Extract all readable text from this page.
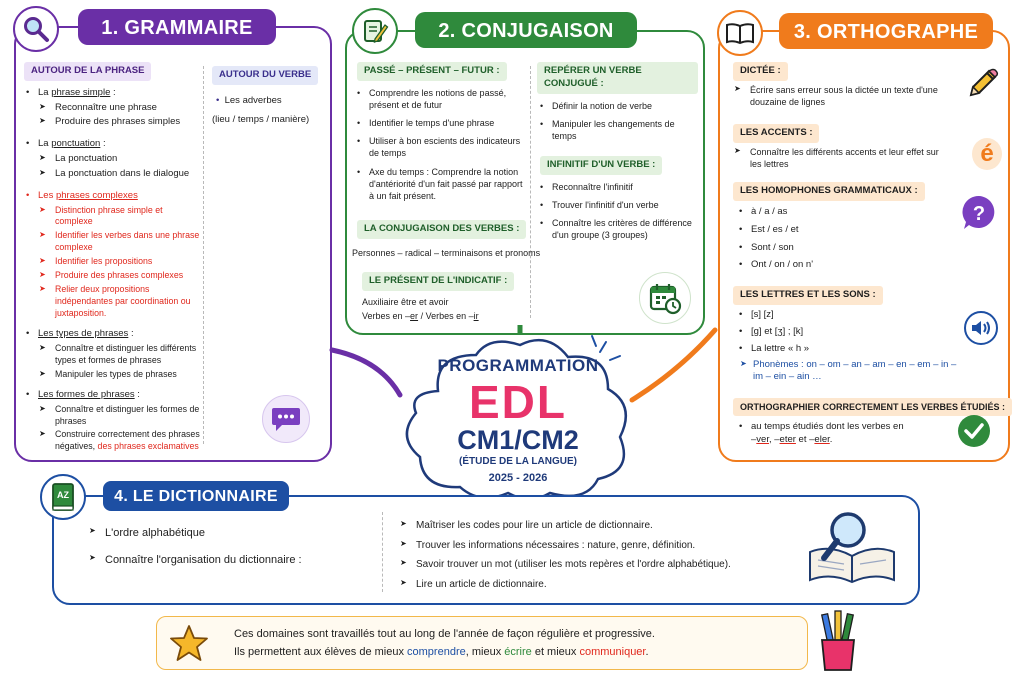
1. GRAMMAIRE
AUTOUR DE LA PHRASE
• La phrase simple :
➤ Reconnaître une phrase
➤ Produire des phrases simples
• La ponctuation :
➤ La ponctuation
➤ La ponctuation dans le dialogue
• Les phrases complexes
➤ Distinction phrase simple et complexe
➤ Identifier les verbes dans une phrase complexe
➤ Identifier les propositions
➤ Produire des phrases complexes
➤ Relier deux propositions indépendantes par coordination ou juxtaposition.
• Les types de phrases :
➤ Connaître et distinguer les différents types et formes de phrases
➤ Manipuler les types de phrases
• Les formes de phrases :
➤ Connaître et distinguer les formes de phrases
➤ Construire correctement des phrases négatives, des phrases exclamatives
AUTOUR DU VERBE
• Les adverbes
(lieu / temps / manière)
2. CONJUGAISON
PASSÉ – PRÉSENT – FUTUR :
• Comprendre les notions de passé, présent et de futur
• Identifier le temps d'une phrase
• Utiliser à bon escients des indicateurs de temps
• Axe du temps : Comprendre la notion d'antériorité d'un fait passé par rapport à un fait présent.
LA CONJUGAISON DES VERBES :
Personnes – radical – terminaisons et pronoms
LE PRÉSENT DE L'INDICATIF :
Auxiliaire être et avoir
Verbes en –er / Verbes en –ir
REPÉRER UN VERBE CONJUGUÉ :
• Définir la notion de verbe
• Manipuler les changements de temps
INFINITIF D'UN VERBE :
• Reconnaître l'infinitif
• Trouver l'infinitif d'un verbe
• Connaître les critères de différence d'un groupe (3 groupes)
3. ORTHOGRAPHE
DICTÉE :
➤ Écrire sans erreur sous la dictée un texte d'une douzaine de lignes
LES ACCENTS :
➤ Connaître les différents accents et leur effet sur les lettres
LES HOMOPHONES GRAMMATICAUX :
• à / a / as
• Est / es / et
• Sont / son
• Ont / on / on n'
LES LETTRES ET LES SONS :
• [s] [z]
• [g] et [ʒ] ; [k]
• La lettre « h »
➤ Phonèmes : on – om – an – am – en – em – in – im – ein – ain …
ORTHOGRAPHIER CORRECTEMENT LES VERBES ÉTUDIÉS :
• au temps étudiés dont les verbes en –ver, –eter et –eler.
é
?
PROGRAMMATION
EDL
CM1/CM2
(ÉTUDE DE LA LANGUE)
2025 - 2026
AZ	4. LE DICTIONNAIRE
➤ L'ordre alphabétique
➤ Connaître l'organisation du dictionnaire :
➤ Maîtriser les codes pour lire un article de dictionnaire.
➤ Trouver les informations nécessaires : nature, genre, définition.
➤ Savoir trouver un mot (utiliser les mots repères et l'ordre alphabétique).
➤ Lire un article de dictionnaire.
Ces domaines sont travaillés tout au long de l'année de façon régulière et progressive.
Ils permettent aux élèves de mieux comprendre, mieux écrire et mieux communiquer.
